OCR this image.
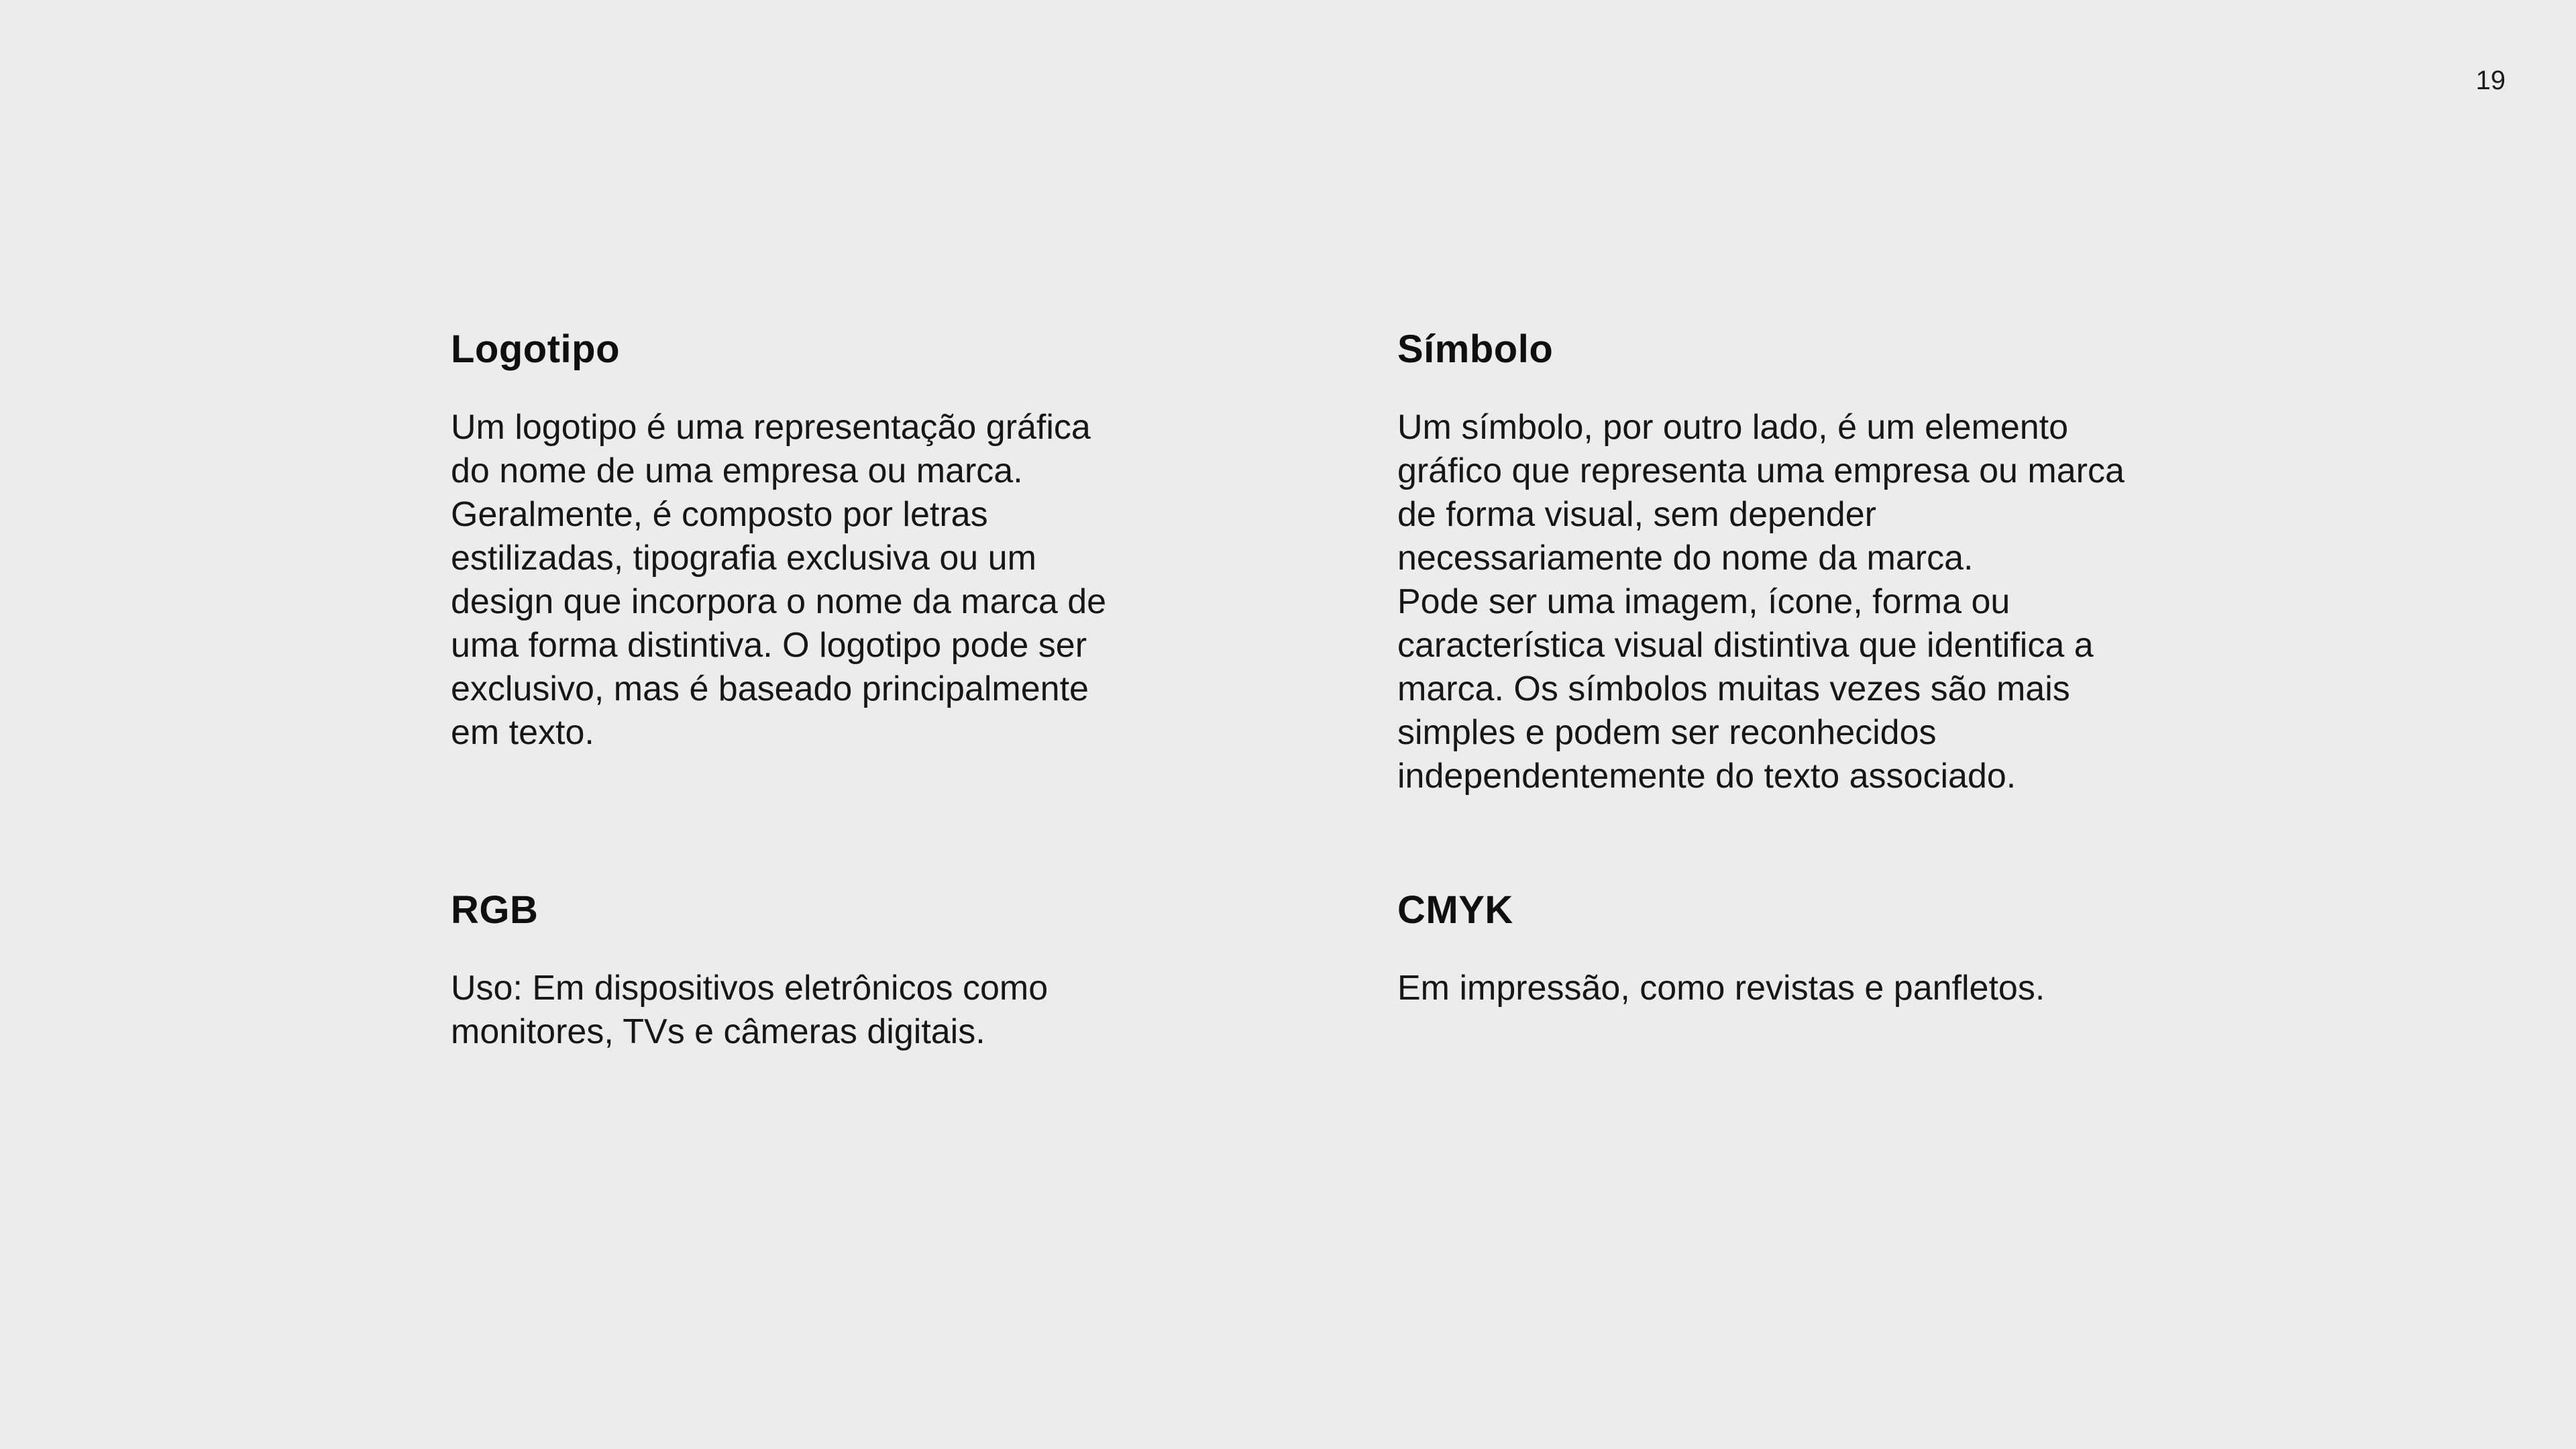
19
Logotipo

Um logotipo é uma representação gráfica
do nome de uma empresa ou marca.
Geralmente, é composto por letras
estilizadas, tipografia exclusiva ou um
design que incorpora o nome da marca de
uma forma distintiva. O logotipo pode ser
exclusivo, mas é baseado principalmente
em texto.

Símbolo

Um símbolo, por outro lado, é um elemento
gráfico que representa uma empresa ou marca
de forma visual, sem depender
necessariamente do nome da marca.
Pode ser uma imagem, ícone, forma ou
característica visual distintiva que identifica a
marca. Os símbolos muitas vezes são mais
simples e podem ser reconhecidos
independentemente do texto associado.

RGB

Uso: Em dispositivos eletrônicos como
monitores, TVs e câmeras digitais.

CMYK

Em impressão, como revistas e panfletos.
